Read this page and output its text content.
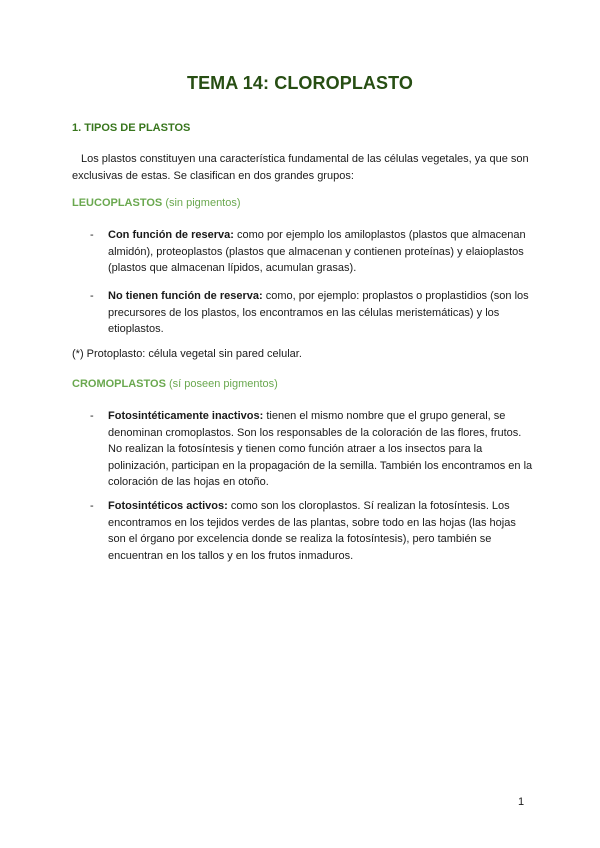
TEMA 14: CLOROPLASTO
1. TIPOS DE PLASTOS
Los plastos constituyen una característica fundamental de las células vegetales, ya que son exclusivas de estas. Se clasifican en dos grandes grupos:
LEUCOPLASTOS (sin pigmentos)
-	Con función de reserva: como por ejemplo los amiloplastos (plastos que almacenan almidón), proteoplastos (plastos que almacenan y contienen proteínas) y elaioplastos (plastos que almacenan lípidos, acumulan grasas).
-	No tienen función de reserva: como, por ejemplo: proplastos o proplastidios (son los precursores de los plastos, los encontramos en las células meristemáticas) y los etioplastos.
(*) Protoplasto: célula vegetal sin pared celular.
CROMOPLASTOS (sí poseen pigmentos)
-	Fotosintéticamente inactivos: tienen el mismo nombre que el grupo general, se denominan cromoplastos. Son los responsables de la coloración de las flores, frutos. No realizan la fotosíntesis y tienen como función atraer a los insectos para la polinización, participan en la propagación de la semilla. También los encontramos en la coloración de las hojas en otoño.
-	Fotosintéticos activos: como son los cloroplastos. Sí realizan la fotosíntesis. Los encontramos en los tejidos verdes de las plantas, sobre todo en las hojas (las hojas son el órgano por excelencia donde se realiza la fotosíntesis), pero también se encuentran en los tallos y en los frutos inmaduros.
1
